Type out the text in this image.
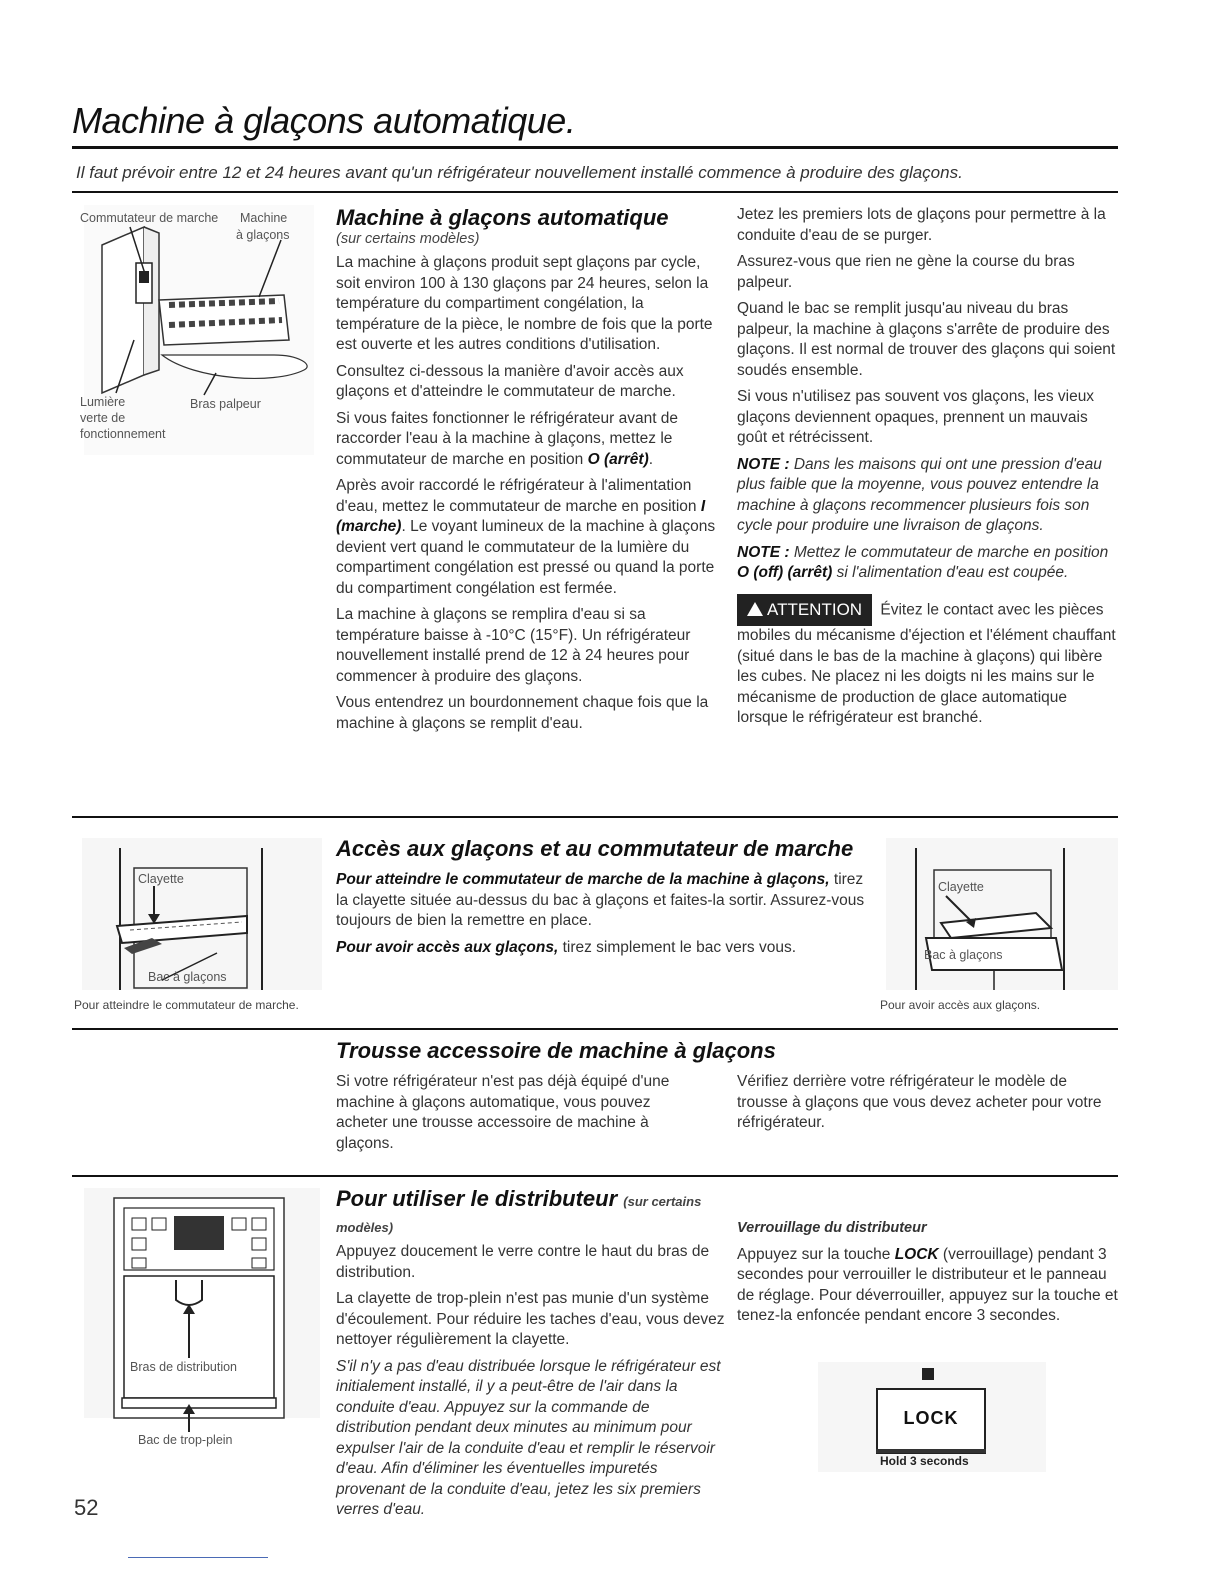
Machine à glaçons automatique.
Il faut prévoir entre 12 et 24 heures avant qu'un réfrigérateur nouvellement installé commence à produire des glaçons.
Commutateur de marche Machine
à glaçons
Lumière
verte de
fonctionnement
Bras palpeur
Machine à glaçons automatique
(sur certains modèles)

La machine à glaçons produit sept glaçons par cycle, soit environ 100 à 130 glaçons par 24 heures, selon la température du compartiment congélation, la température de la pièce, le nombre de fois que la porte est ouverte et les autres conditions d'utilisation.

Consultez ci-dessous la manière d'avoir accès aux glaçons et d'atteindre le commutateur de marche.

Si vous faites fonctionner le réfrigérateur avant de raccorder l'eau à la machine à glaçons, mettez le commutateur de marche en position O (arrêt).

Après avoir raccordé le réfrigérateur à l'alimentation d'eau, mettez le commutateur de marche en position I (marche). Le voyant lumineux de la machine à glaçons devient vert quand le commutateur de la lumière du compartiment congélation est pressé ou quand la porte du compartiment congélation est fermée.

La machine à glaçons se remplira d'eau si sa température baisse à -10°C (15°F). Un réfrigérateur nouvellement installé prend de 12 à 24 heures pour commencer à produire des glaçons.

Vous entendrez un bourdonnement chaque fois que la machine à glaçons se remplit d'eau.

Jetez les premiers lots de glaçons pour permettre à la conduite d'eau de se purger.

Assurez-vous que rien ne gène la course du bras palpeur.

Quand le bac se remplit jusqu'au niveau du bras palpeur, la machine à glaçons s'arrête de produire des glaçons. Il est normal de trouver des glaçons qui soient soudés ensemble.

Si vous n'utilisez pas souvent vos glaçons, les vieux glaçons deviennent opaques, prennent un mauvais goût et rétrécissent.

NOTE : Dans les maisons qui ont une pression d'eau plus faible que la moyenne, vous pouvez entendre la machine à glaçons recommencer plusieurs fois son cycle pour produire une livraison de glaçons.

NOTE : Mettez le commutateur de marche en position O (off) (arrêt) si l'alimentation d'eau est coupée.

ATTENTION Évitez le contact avec les pièces mobiles du mécanisme d'éjection et l'élément chauffant (situé dans le bas de la machine à glaçons) qui libère les cubes. Ne placez ni les doigts ni les mains sur le mécanisme de production de glace automatique lorsque le réfrigérateur est branché.

Clayette
Bac à glaçons
Pour atteindre le commutateur de marche.
Accès aux glaçons et au commutateur de marche

Pour atteindre le commutateur de marche de la machine à glaçons, tirez la clayette située au-dessus du bac à glaçons et faites-la sortir. Assurez-vous toujours de bien la remettre en place.

Pour avoir accès aux glaçons, tirez simplement le bac vers vous.

Clayette
Bac à glaçons
Pour avoir accès aux glaçons.
Trousse accessoire de machine à glaçons

Si votre réfrigérateur n'est pas déjà équipé d'une machine à glaçons automatique, vous pouvez acheter une trousse accessoire de machine à glaçons.

Vérifiez derrière votre réfrigérateur le modèle de trousse à glaçons que vous devez acheter pour votre réfrigérateur.

Bras de distribution
Bac de trop-plein
Pour utiliser le distributeur (sur certains modèles)

Appuyez doucement le verre contre le haut du bras de distribution.

La clayette de trop-plein n'est pas munie d'un système d'écoulement. Pour réduire les taches d'eau, vous devez nettoyer régulièrement la clayette.

S'il n'y a pas d'eau distribuée lorsque le réfrigérateur est initialement installé, il y a peut-être de l'air dans la conduite d'eau. Appuyez sur la commande de distribution pendant deux minutes au minimum pour expulser l'air de la conduite d'eau et remplir le réservoir d'eau. Afin d'éliminer les éventuelles impuretés provenant de la conduite d'eau, jetez les six premiers verres d'eau.

Verrouillage du distributeur

Appuyez sur la touche LOCK (verrouillage) pendant 3 secondes pour verrouiller le distributeur et le panneau de réglage. Pour déverrouiller, appuyez sur la touche et tenez-la enfoncée pendant encore 3 secondes.

LOCK
Hold 3 seconds
52
